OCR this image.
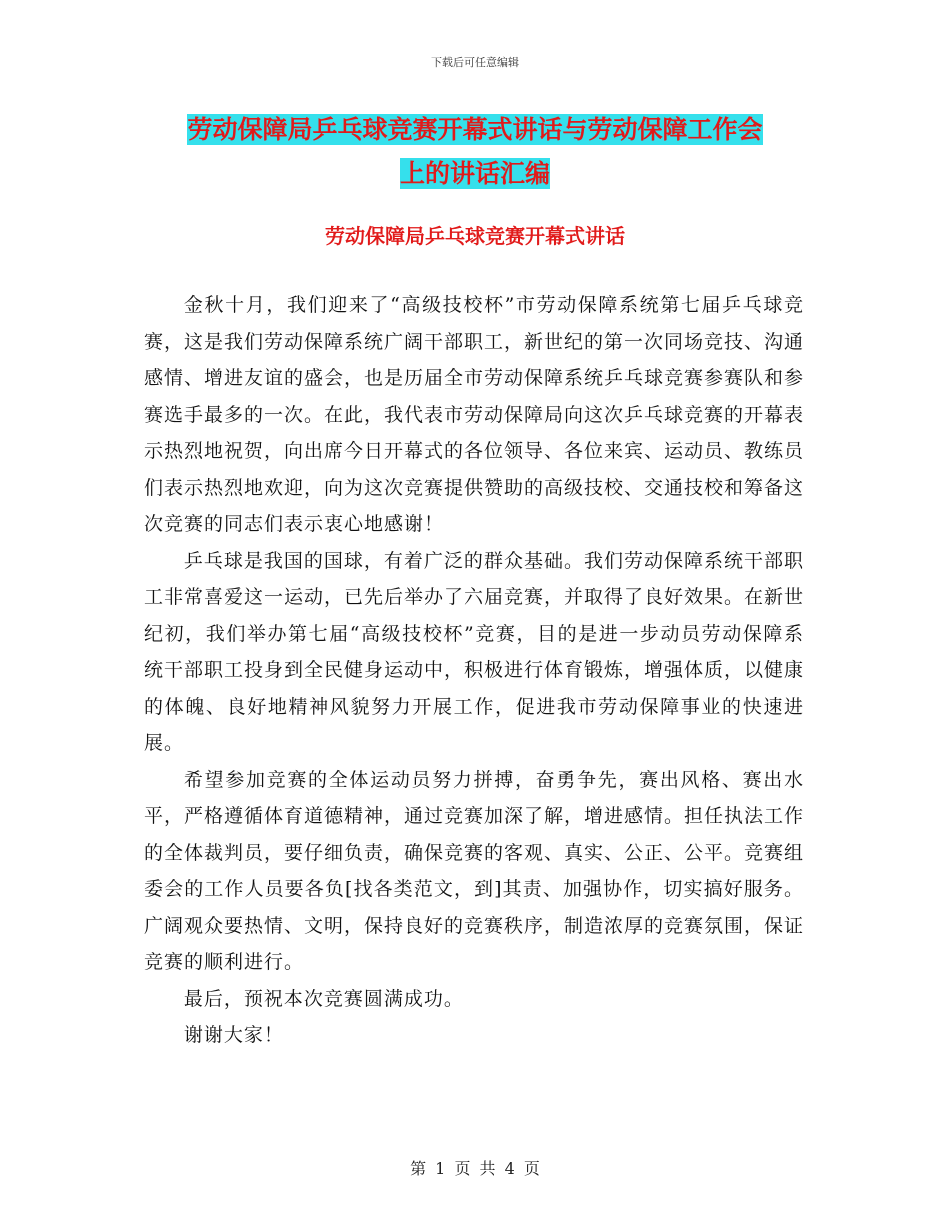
下载后可任意编辑
劳动保障局乒乓球竞赛开幕式讲话与劳动保障工作会
上的讲话汇编
劳动保障局乒乓球竞赛开幕式讲话

金秋十月，我们迎来了“高级技校杯”市劳动保障系统第七届乒乓球竞赛，这是我们劳动保障系统广阔干部职工，新世纪的第一次同场竞技、沟通感情、增进友谊的盛会，也是历届全市劳动保障系统乒乓球竞赛参赛队和参赛选手最多的一次。在此，我代表市劳动保障局向这次乒乓球竞赛的开幕表示热烈地祝贺，向出席今日开幕式的各位领导、各位来宾、运动员、教练员们表示热烈地欢迎，向为这次竞赛提供赞助的高级技校、交通技校和筹备这次竞赛的同志们表示衷心地感谢！

乒乓球是我国的国球，有着广泛的群众基础。我们劳动保障系统干部职工非常喜爱这一运动，已先后举办了六届竞赛，并取得了良好效果。在新世纪初，我们举办第七届“高级技校杯”竞赛，目的是进一步动员劳动保障系统干部职工投身到全民健身运动中，积极进行体育锻炼，增强体质，以健康的体魄、良好地精神风貌努力开展工作，促进我市劳动保障事业的快速进展。

希望参加竞赛的全体运动员努力拼搏，奋勇争先，赛出风格、赛出水平，严格遵循体育道德精神，通过竞赛加深了解，增进感情。担任执法工作的全体裁判员，要仔细负责，确保竞赛的客观、真实、公正、公平。竞赛组委会的工作人员要各负[找各类范文，到]其责、加强协作，切实搞好服务。广阔观众要热情、文明，保持良好的竞赛秩序，制造浓厚的竞赛氛围，保证竞赛的顺利进行。

最后，预祝本次竞赛圆满成功。

谢谢大家！

第 1 页 共 4 页
